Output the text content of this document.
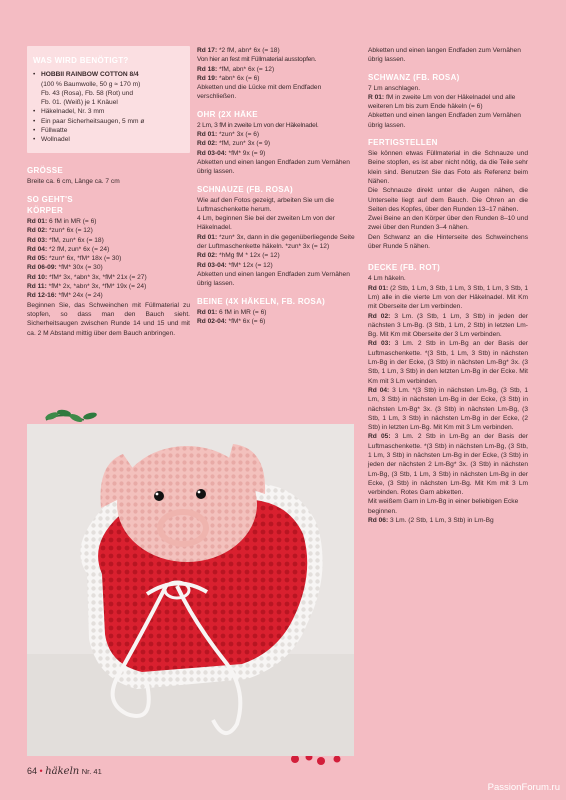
WAS WIRD BENÖTIGT?
• HOBBII RAINBOW COTTON 8/4
(100 % Baumwolle, 50 g ≈ 170 m)
Fb. 43 (Rosa), Fb. 58 (Rot) und
Fb. 01. (Weiß) je 1 Knäuel
• Häkelnadel, Nr. 3 mm
• Ein paar Sicherheitsaugen, 5 mm ø
• Füllwatte
• Wollnadel
GRÖSSE
Breite ca. 6 cm, Länge ca. 7 cm
SO GEHT'S
KÖRPER
Rd 01: 6 fM in MR (= 6)
Rd 02: *zun* 6x (= 12)
Rd 03: *fM, zun* 6x (= 18)
Rd 04: *2 fM, zun* 6x (= 24)
Rd 05: *zun* 6x, *fM* 18x (= 30)
Rd 06-09: *fM* 30x (= 30)
Rd 10: *fM* 3x, *abn* 3x, *fM* 21x (= 27)
Rd 11: *fM* 2x, *abn* 3x, *fM* 19x (= 24)
Rd 12-16: *fM* 24x (= 24)
Beginnen Sie, das Schweinchen mit Füllmaterial zu stopfen, so dass man den Bauch sieht. Sicherheitsaugen zwischen Runde 14 und 15 und mit ca. 2 M Abstand mittig über dem Bauch anbringen.
Rd 17: *2 fM, abn* 6x (= 18)
Von hier an fest mit Füllmaterial ausstopfen.
Rd 18: *fM, abn* 6x (= 12)
Rd 19: *abn* 6x (= 6)
Abketten und die Lücke mit dem Endfaden verschließen.
OHR (2X HÄKE
2 Lm, 3 fM in zweite Lm von der Häkelnadel.
Rd 01: *zun* 3x (= 6)
Rd 02: *fM, zun* 3x (= 9)
Rd 03-04: *fM* 9x (= 9)
Abketten und einen langen Endfaden zum Vernähen übrig lassen.
SCHNAUZE (FB. ROSA)
Wie auf den Fotos gezeigt, arbeiten Sie um die Luftmaschenkette herum.
4 Lm, beginnen Sie bei der zweiten Lm von der Häkelnadel.
Rd 01: *zun* 3x, dann in die gegenüberliegende Seite der Luftmaschenkette häkeln. *zun* 3x (= 12)
Rd 02: *hMg fM * 12x (= 12)
Rd 03-04: *fM* 12x (= 12)
Abketten und einen langen Endfaden zum Vernähen übrig lassen.
BEINE (4X HÄKELN, FB. ROSA)
Rd 01: 6 fM in MR (= 6)
Rd 02-04: *fM* 6x (= 6)
Abketten und einen langen Endfaden zum Vernähen übrig lassen.
SCHWANZ (FB. ROSA)
7 Lm anschlagen.
R 01: fM in zweite Lm von der Häkelnadel und alle weiteren Lm bis zum Ende häkeln (= 6)
Abketten und einen langen Endfaden zum Vernähen übrig lassen.
FERTIGSTELLEN
Sie können etwas Füllmaterial in die Schnauze und Beine stopfen, es ist aber nicht nötig, da die Teile sehr klein sind. Benutzen Sie das Foto als Referenz beim Nähen.
Die Schnauze direkt unter die Augen nähen, die Unterseite liegt auf dem Bauch. Die Ohren an die Seiten des Kopfes, über den Runden 13–17 nähen.
Zwei Beine an den Körper über den Runden 8–10 und zwei über den Runden 3–4 nähen.
Den Schwanz an die Hinterseite des Schweinchens über Runde 5 nähen.
DECKE (FB. ROT)
4 Lm häkeln.
Rd 01: (2 Stb, 1 Lm, 3 Stb, 1 Lm, 3 Stb, 1 Lm, 3 Stb, 1 Lm) alle in die vierte Lm von der Häkelnadel. Mit Km mit Oberseite der Lm verbinden.
Rd 02: 3 Lm. (3 Stb, 1 Lm, 3 Stb) in jeden der nächsten 3 Lm-Bg. (3 Stb, 1 Lm, 2 Stb) in letzten Lm-Bg. Mit Km mit Oberseite der 3 Lm verbinden.
Rd 03: 3 Lm. 2 Stb in Lm-Bg an der Basis der Luftmaschenkette. *(3 Stb, 1 Lm, 3 Stb) in nächsten Lm-Bg in der Ecke, (3 Stb) in nächsten Lm-Bg* 3x. (3 Stb, 1 Lm, 3 Stb) in den letzten Lm-Bg in der Ecke. Mit Km mit 3 Lm verbinden.
Rd 04: 3 Lm. *(3 Stb) in nächsten Lm-Bg, (3 Stb, 1 Lm, 3 Stb) in nächsten Lm-Bg in der Ecke, (3 Stb) in nächsten Lm-Bg* 3x. (3 Stb) in nächsten Lm-Bg, (3 Stb, 1 Lm, 3 Stb) in nächsten Lm-Bg in der Ecke, (2 Stb) in letzten Lm-Bg. Mit Km mit 3 Lm verbinden.
Rd 05: 3 Lm. 2 Stb in Lm-Bg an der Basis der Luftmaschenkette. *(3 Stb) in nächsten Lm-Bg, (3 Stb, 1 Lm, 3 Stb) in nächsten Lm-Bg in der Ecke, (3 Stb) in jeden der nächsten 2 Lm-Bg* 3x. (3 Stb) in nächsten Lm-Bg, (3 Stb, 1 Lm, 3 Stb) in nächsten Lm-Bg in der Ecke, (3 Stb) in nächsten Lm-Bg. Mit Km mit 3 Lm verbinden. Rotes Garn abketten.
Mit weißem Garn in Lm-Bg in einer beliebigen Ecke beginnen.
Rd 06: 3 Lm. (2 Stb, 1 Lm, 3 Stb) in Lm-Bg
64 • häkeln Nr. 41
PassionForum.ru
